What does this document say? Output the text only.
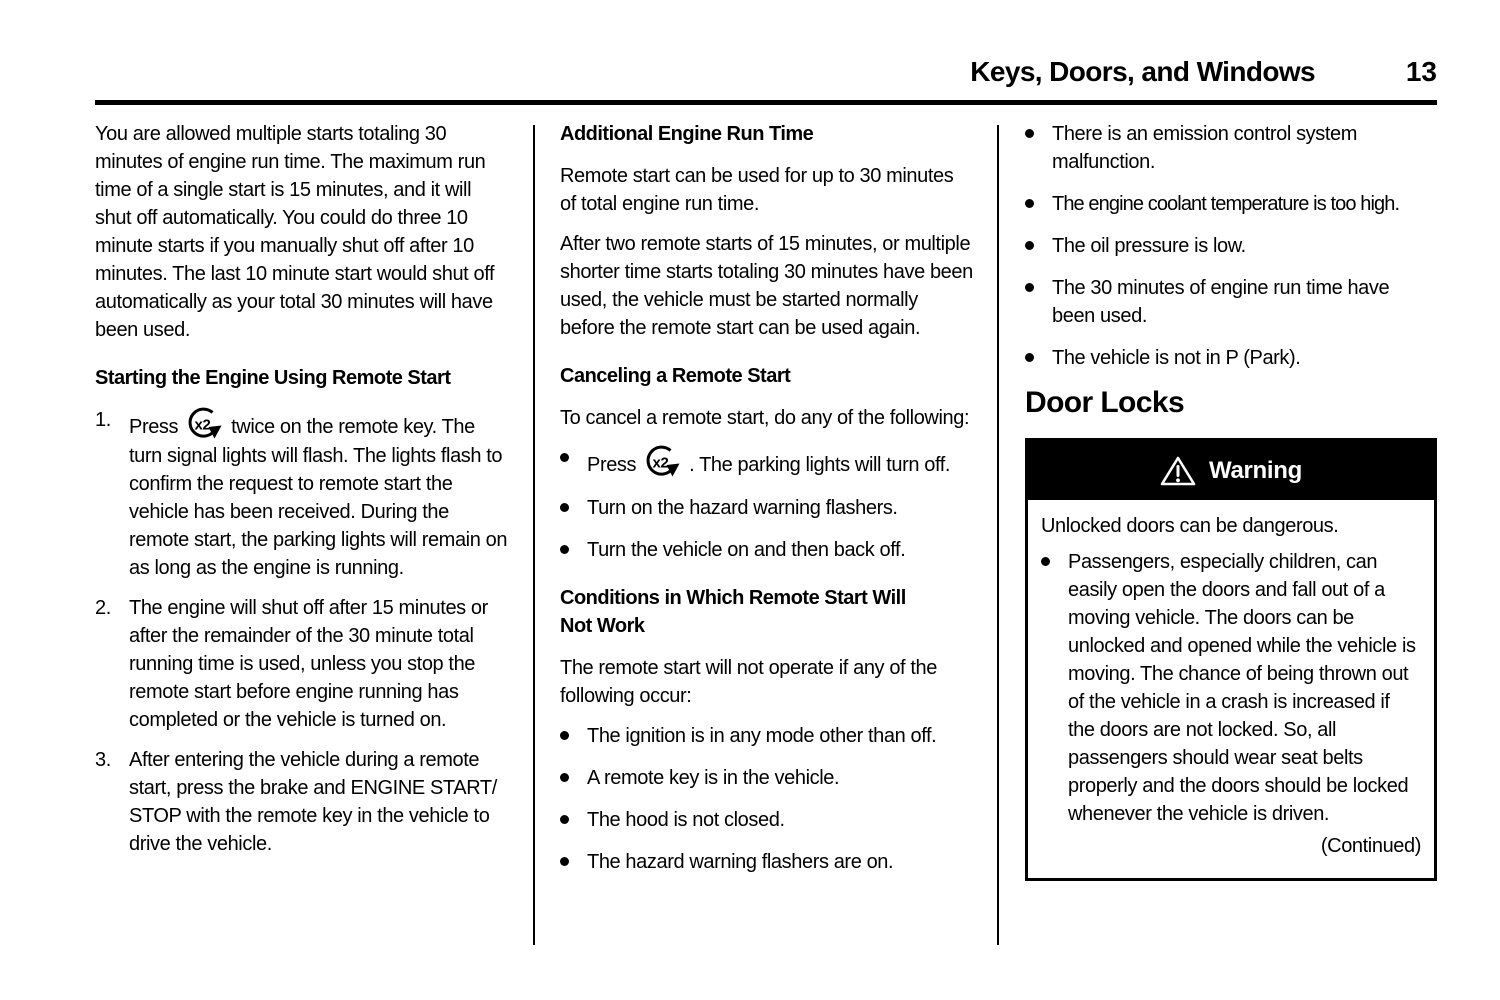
Keys, Doors, and Windows	13

You are allowed multiple starts totaling 30 minutes of engine run time. The maximum run time of a single start is 15 minutes, and it will shut off automatically. You could do three 10 minute starts if you manually shut off after 10 minutes. The last 10 minute start would shut off automatically as your total 30 minutes will have been used.

Starting the Engine Using Remote Start
1. Press x2 twice on the remote key. The turn signal lights will flash. The lights flash to confirm the request to remote start the vehicle has been received. During the remote start, the parking lights will remain on as long as the engine is running.
2. The engine will shut off after 15 minutes or after the remainder of the 30 minute total running time is used, unless you stop the remote start before engine running has completed or the vehicle is turned on.
3. After entering the vehicle during a remote start, press the brake and ENGINE START/ STOP with the remote key in the vehicle to drive the vehicle.
Additional Engine Run Time

Remote start can be used for up to 30 minutes of total engine run time.

After two remote starts of 15 minutes, or multiple shorter time starts totaling 30 minutes have been used, the vehicle must be started normally before the remote start can be used again.

Canceling a Remote Start

To cancel a remote start, do any of the following:

Press x2 . The parking lights will turn off.
Turn on the hazard warning flashers.
Turn the vehicle on and then back off.
Conditions in Which Remote Start Will Not Work

The remote start will not operate if any of the following occur:

The ignition is in any mode other than off.
A remote key is in the vehicle.
The hood is not closed.
The hazard warning flashers are on.
There is an emission control system malfunction.
The engine coolant temperature is too high.
The oil pressure is low.
The 30 minutes of engine run time have been used.
The vehicle is not in P (Park).
Door Locks
Warning

Unlocked doors can be dangerous.

Passengers, especially children, can easily open the doors and fall out of a moving vehicle. The doors can be unlocked and opened while the vehicle is moving. The chance of being thrown out of the vehicle in a crash is increased if the doors are not locked. So, all passengers should wear seat belts properly and the doors should be locked whenever the vehicle is driven.

(Continued)
